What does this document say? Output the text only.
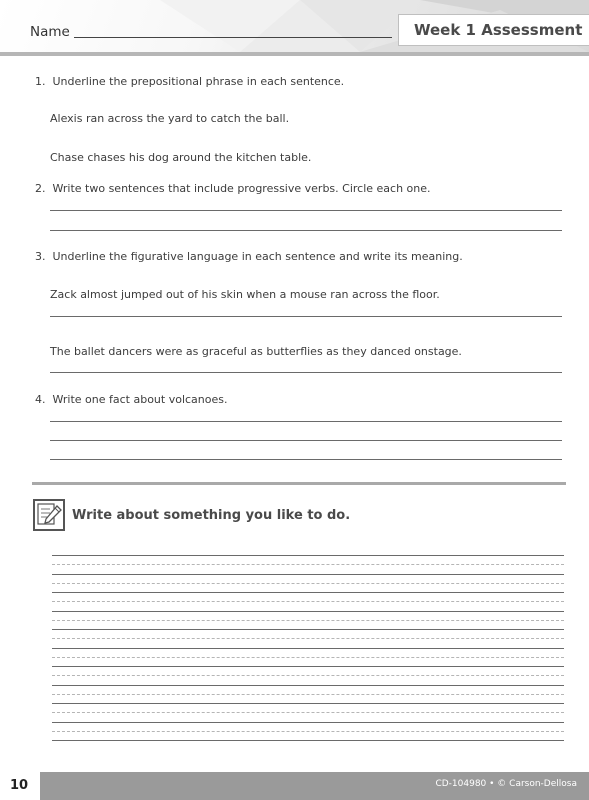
Name	Week 1 Assessment
1. Underline the prepositional phrase in each sentence.
Alexis ran across the yard to catch the ball.
Chase chases his dog around the kitchen table.
2. Write two sentences that include progressive verbs. Circle each one.
3. Underline the figurative language in each sentence and write its meaning.
Zack almost jumped out of his skin when a mouse ran across the floor.
The ballet dancers were as graceful as butterflies as they danced onstage.
4. Write one fact about volcanoes.
Write about something you like to do.
10	CD-104980 • © Carson-Dellosa
